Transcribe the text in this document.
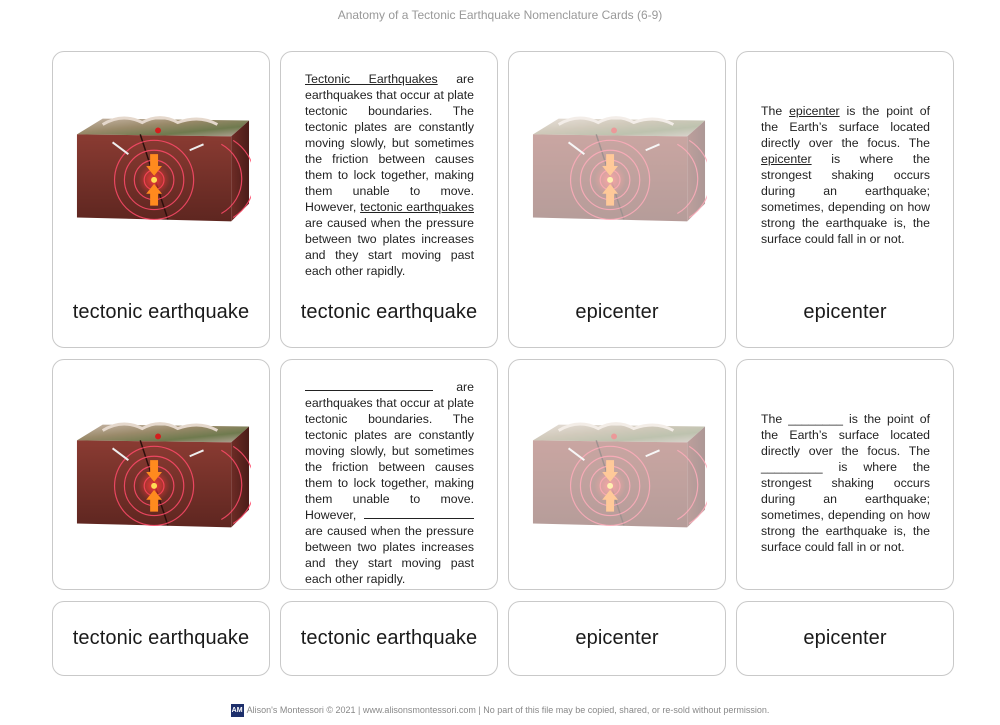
Anatomy of a Tectonic Earthquake Nomenclature Cards (6-9)
tectonic earthquake
Tectonic Earthquakes are earthquakes that occur at plate tectonic boundaries. The tectonic plates are constantly moving slowly, but sometimes the friction between causes them to lock together, making them unable to move. However, tectonic earthquakes are caused when the pressure between two plates increases and they start moving past each other rapidly.
tectonic earthquake	epicenter
The epicenter is the point of the Earth’s surface located directly over the focus. The epicenter is where the strongest shaking occurs during an earthquake; sometimes, depending on how strong the earthquake is, the surface could fall in or not.
epicenter
are earthquakes that occur at plate tectonic boundaries. The tectonic plates are constantly moving slowly, but sometimes the friction between causes them to lock together, making them unable to move. However,  are caused when the pressure between two plates increases and they start moving past each other rapidly.
The ________ is the point of the Earth’s surface located directly over the focus. The _________ is where the strongest shaking occurs during an earthquake; sometimes, depending on how strong the earthquake is, the surface could fall in or not.
tectonic earthquake	tectonic earthquake	epicenter	epicenter
AM Alison's Montessori © 2021 | www.alisonsmontessori.com | No part of this file may be copied, shared, or re-sold without permission.
